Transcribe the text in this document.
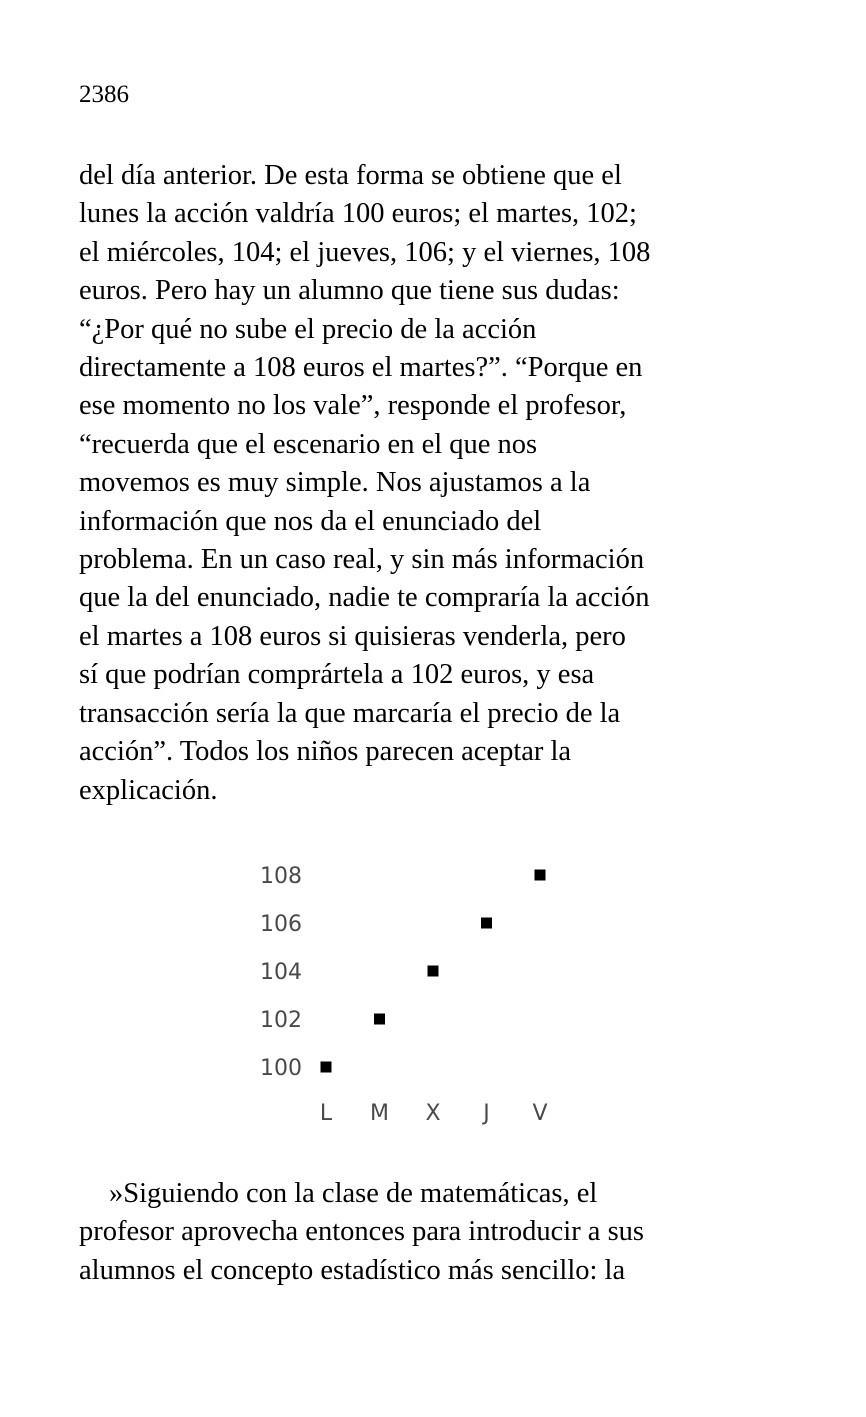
2386

del día anterior. De esta forma se obtiene que el
lunes la acción valdría 100 euros; el martes, 102;
el miércoles, 104; el jueves, 106; y el viernes, 108
euros. Pero hay un alumno que tiene sus dudas:
“¿Por qué no sube el precio de la acción
directamente a 108 euros el martes?”. “Porque en
ese momento no los vale”, responde el profesor,
“recuerda que el escenario en el que nos
movemos es muy simple. Nos ajustamos a la
información que nos da el enunciado del
problema. En un caso real, y sin más información
que la del enunciado, nadie te compraría la acción
el martes a 108 euros si quisieras venderla, pero
sí que podrían comprártela a 102 euros, y esa
transacción sería la que marcaría el precio de la
acción”. Todos los niños parecen aceptar la
explicación.

100
102
104
106
108
L M X J V

»Siguiendo con la clase de matemáticas, el
profesor aprovecha entonces para introducir a sus
alumnos el concepto estadístico más sencillo: la
